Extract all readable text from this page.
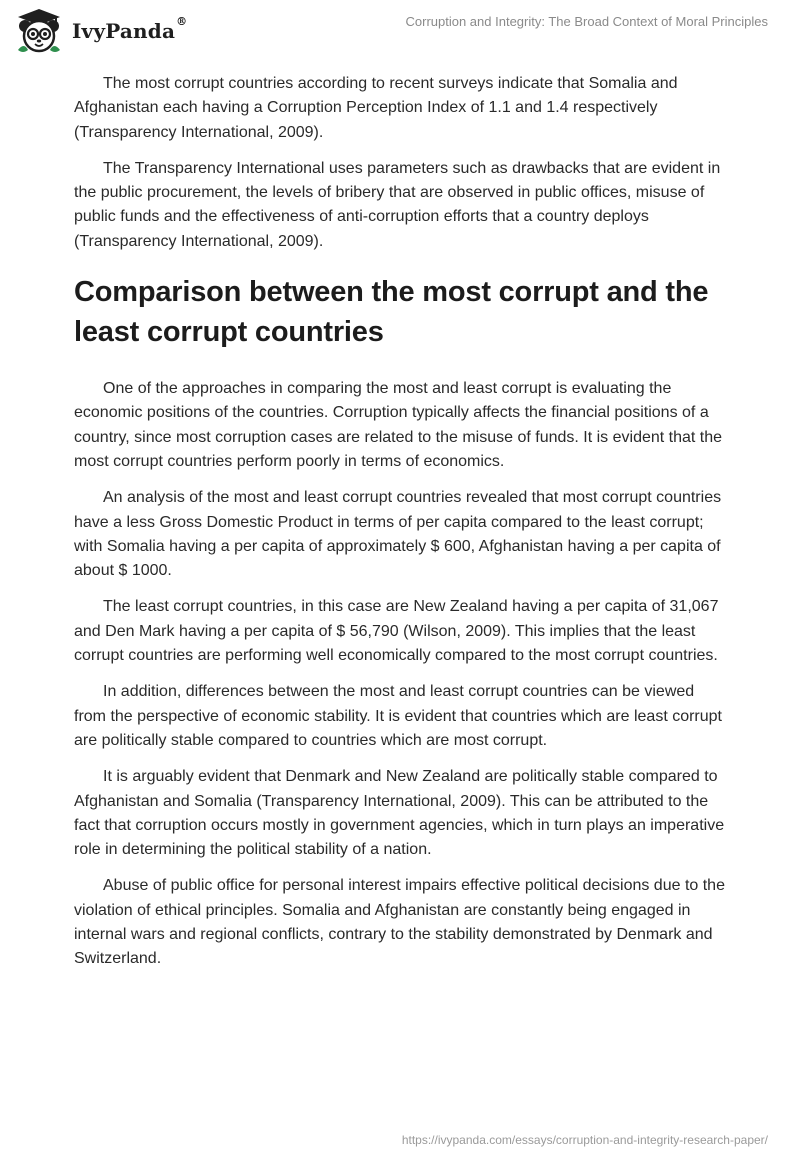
IvyPanda®	Corruption and Integrity: The Broad Context of Moral Principles

The most corrupt countries according to recent surveys indicate that Somalia and Afghanistan each having a Corruption Perception Index of 1.1 and 1.4 respectively (Transparency International, 2009).

The Transparency International uses parameters such as drawbacks that are evident in the public procurement, the levels of bribery that are observed in public offices, misuse of public funds and the effectiveness of anti-corruption efforts that a country deploys (Transparency International, 2009).

Comparison between the most corrupt and the least corrupt countries

One of the approaches in comparing the most and least corrupt is evaluating the economic positions of the countries. Corruption typically affects the financial positions of a country, since most corruption cases are related to the misuse of funds. It is evident that the most corrupt countries perform poorly in terms of economics.

An analysis of the most and least corrupt countries revealed that most corrupt countries have a less Gross Domestic Product in terms of per capita compared to the least corrupt; with Somalia having a per capita of approximately $ 600, Afghanistan having a per capita of about $ 1000.

The least corrupt countries, in this case are New Zealand having a per capita of 31,067 and Den Mark having a per capita of $ 56,790 (Wilson, 2009). This implies that the least corrupt countries are performing well economically compared to the most corrupt countries.

In addition, differences between the most and least corrupt countries can be viewed from the perspective of economic stability. It is evident that countries which are least corrupt are politically stable compared to countries which are most corrupt.

It is arguably evident that Denmark and New Zealand are politically stable compared to Afghanistan and Somalia (Transparency International, 2009). This can be attributed to the fact that corruption occurs mostly in government agencies, which in turn plays an imperative role in determining the political stability of a nation.

Abuse of public office for personal interest impairs effective political decisions due to the violation of ethical principles. Somalia and Afghanistan are constantly being engaged in internal wars and regional conflicts, contrary to the stability demonstrated by Denmark and Switzerland.

https://ivypanda.com/essays/corruption-and-integrity-research-paper/
